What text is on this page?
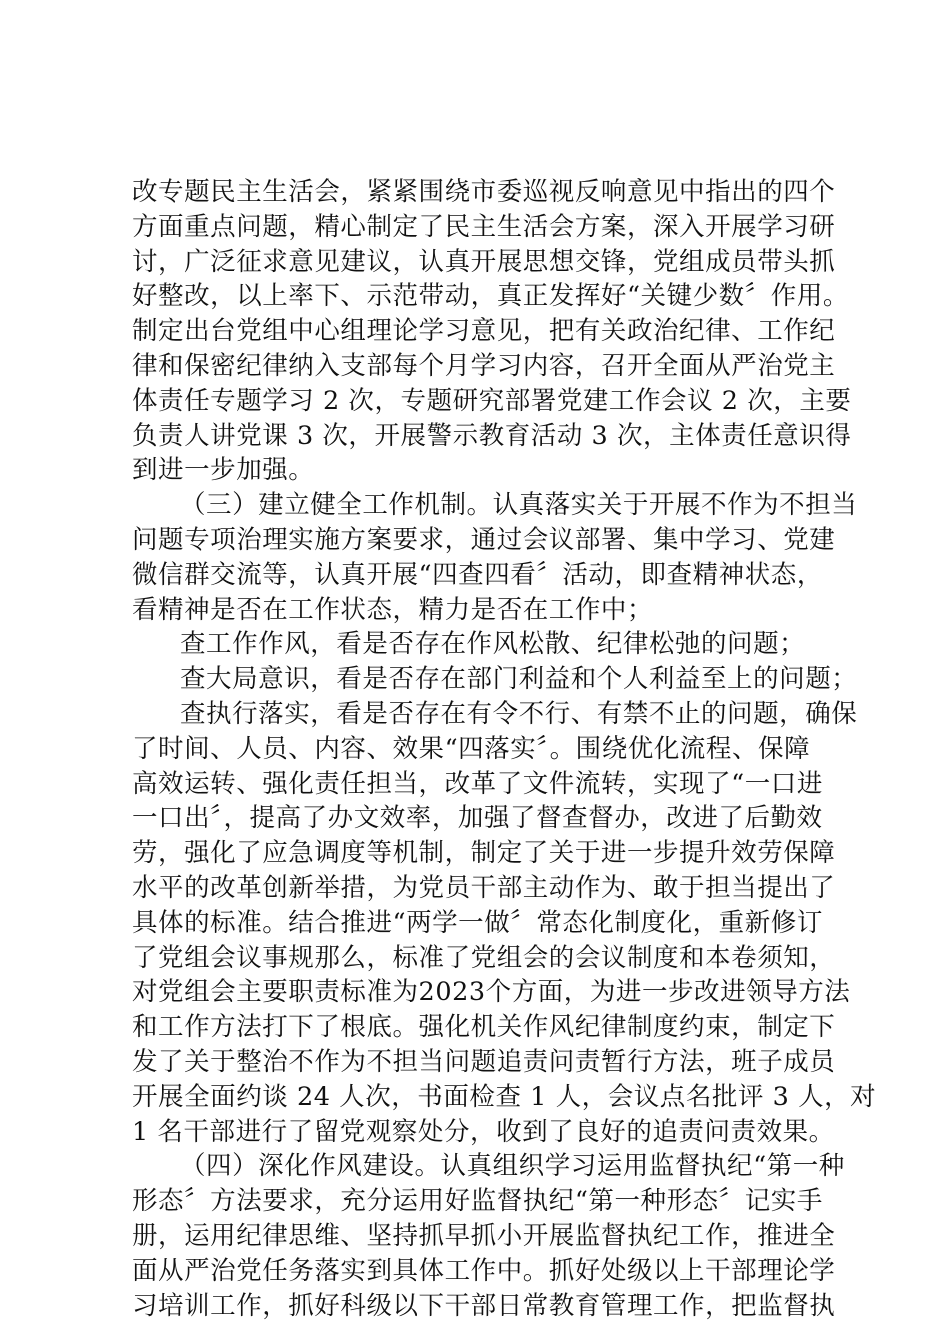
改专题民主生活会，紧紧围绕市委巡视反响意见中指出的四个
方面重点问题，精心制定了民主生活会方案，深入开展学习研
讨，广泛征求意见建议，认真开展思想交锋，党组成员带头抓
好整改，以上率下、示范带动，真正发挥好“关键少数〞作用。
制定出台党组中心组理论学习意见，把有关政治纪律、工作纪
律和保密纪律纳入支部每个月学习内容，召开全面从严治党主
体责任专题学习 2 次，专题研究部署党建工作会议 2 次，主要
负责人讲党课 3 次，开展警示教育活动 3 次，主体责任意识得
到进一步加强。
（三）建立健全工作机制。认真落实关于开展不作为不担当
问题专项治理实施方案要求，通过会议部署、集中学习、党建
微信群交流等，认真开展“四查四看〞活动，即查精神状态，
看精神是否在工作状态，精力是否在工作中；
查工作作风，看是否存在作风松散、纪律松弛的问题；
查大局意识，看是否存在部门利益和个人利益至上的问题；
查执行落实，看是否存在有令不行、有禁不止的问题，确保
了时间、人员、内容、效果“四落实〞。围绕优化流程、保障
高效运转、强化责任担当，改革了文件流转，实现了“一口进
一口出〞，提高了办文效率，加强了督查督办，改进了后勤效
劳，强化了应急调度等机制，制定了关于进一步提升效劳保障
水平的改革创新举措，为党员干部主动作为、敢于担当提出了
具体的标准。结合推进“两学一做〞常态化制度化，重新修订
了党组会议事规那么，标准了党组会的会议制度和本卷须知，
对党组会主要职责标准为2023个方面，为进一步改进领导方法
和工作方法打下了根底。强化机关作风纪律制度约束，制定下
发了关于整治不作为不担当问题追责问责暂行方法，班子成员
开展全面约谈 24 人次，书面检查 1 人，会议点名批评 3 人，对
1 名干部进行了留党观察处分，收到了良好的追责问责效果。
（四）深化作风建设。认真组织学习运用监督执纪“第一种
形态〞方法要求，充分运用好监督执纪“第一种形态〞记实手
册，运用纪律思维、坚持抓早抓小开展监督执纪工作，推进全
面从严治党任务落实到具体工作中。抓好处级以上干部理论学
习培训工作，抓好科级以下干部日常教育管理工作，把监督执
